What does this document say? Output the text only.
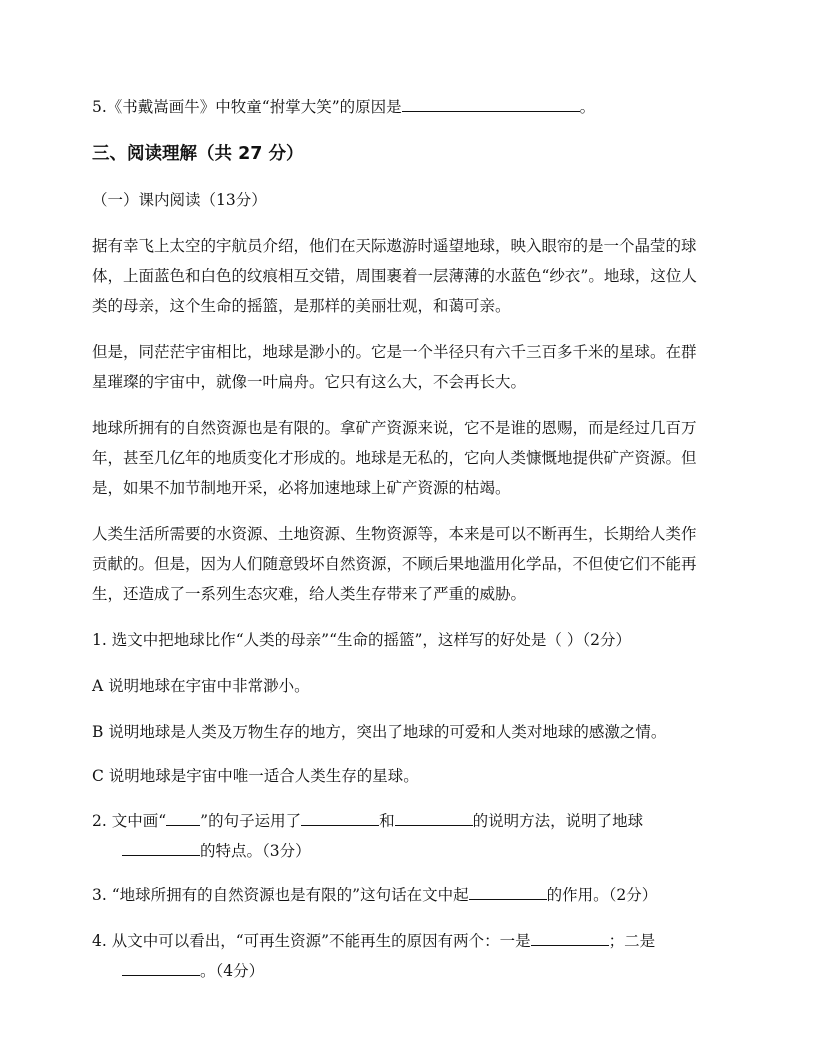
5.《书戴嵩画牛》中牧童“拊掌大笑”的原因是	。
三、阅读理解（共 27 分）
（一）课内阅读（13分）
据有幸飞上太空的宇航员介绍，他们在天际遨游时遥望地球，映入眼帘的是一个晶莹的球
体，上面蓝色和白色的纹痕相互交错，周围裹着一层薄薄的水蓝色“纱衣”。地球，这位人
类的母亲，这个生命的摇篮，是那样的美丽壮观，和蔼可亲。
但是，同茫茫宇宙相比，地球是渺小的。它是一个半径只有六千三百多千米的星球。在群
星璀璨的宇宙中，就像一叶扁舟。它只有这么大，不会再长大。
地球所拥有的自然资源也是有限的。拿矿产资源来说，它不是谁的恩赐，而是经过几百万
年，甚至几亿年的地质变化才形成的。地球是无私的，它向人类慷慨地提供矿产资源。但
是，如果不加节制地开采，必将加速地球上矿产资源的枯竭。
人类生活所需要的水资源、土地资源、生物资源等，本来是可以不断再生，长期给人类作
贡献的。但是，因为人们随意毁坏自然资源，不顾后果地滥用化学品，不但使它们不能再
生，还造成了一系列生态灾难，给人类生存带来了严重的威胁。
1. 选文中把地球比作“人类的母亲”“生命的摇篮”，这样写的好处是（ ）（2分）
A 说明地球在宇宙中非常渺小。
B 说明地球是人类及万物生存的地方，突出了地球的可爱和人类对地球的感激之情。
C 说明地球是宇宙中唯一适合人类生存的星球。
2. 文中画“ ”的句子运用了	和	的说明方法，说明了地球
的特点。（3分）
3. “地球所拥有的自然资源也是有限的”这句话在文中起	的作用。（2分）
4. 从文中可以看出，“可再生资源”不能再生的原因有两个：一是	；二是
。（4分）
